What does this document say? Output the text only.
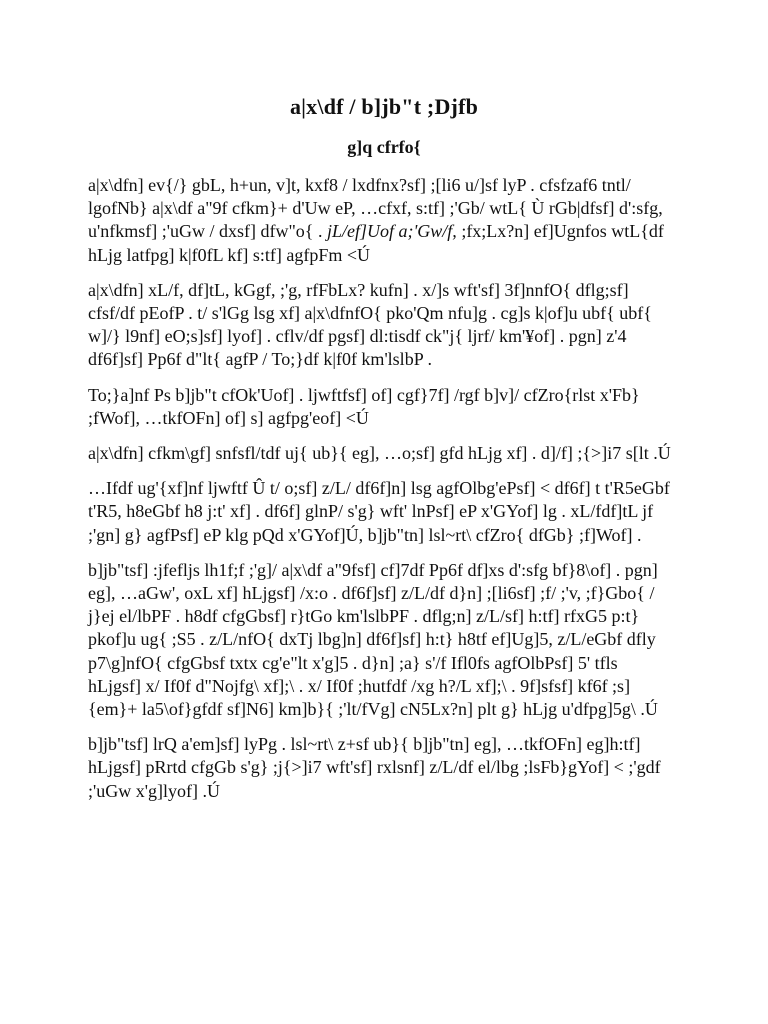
a|x\df / b]jb"t ;Djfb
g]q cfrfo{

a|x\dfn] ev{/} gbL, h+un, v]t, kxf8 / lxdfnx?sf] ;[li6 u/]sf lyP . cfsfzaf6 tntl/ lgofNb} a|x\df a"9f cfkm}+ d'Uw eP, …cfxf, s:tf] ;'Gb/ wtL{ Ù rGb|dfsf] d':sfg, u'nfkmsf] ;'uGw / dxsf] dfw"o{ . jL/ef]Uof a;'Gw/f, ;fx;Lx?n] ef]Ugnfos wtL{df hLjg latfpg] k|f0fL kf] s:tf] agfpFm <Ú

a|x\dfn] xL/f, df]tL, kGgf, ;'g, rfFbLx? kufn] . x/]s wft'sf] 3f]nnfO{ dflg;sf] cfsf/df pEofP . t/ s'lGg lsg xf] a|x\dfnfO{ pko'Qm nfu]g . cg]s k|of]u ubf{ ubf{ w]/} l9nf] eO;s]sf] lyof] . cflv/df pgsf] dl:tisdf ck"j{ ljrf/ km'¥of] . pgn] z'4 df6f]sf] Pp6f d"lt{ agfP / To;}df k|f0f km'lslbP .

To;}a]nf Ps b]jb"t cfOk'Uof] . ljwftfsf] of] cgf}7f] /rgf b]v]/ cfZro{rlst x'Fb} ;fWof], …tkfOFn] of] s] agfpg'eof] <Ú

a|x\dfn] cfkm\gf] snfsfl/tdf uj{ ub}{ eg], …o;sf] gfd hLjg xf] . d]/f] ;{>]i7 s[lt .Ú

…Ifdf ug'{xf]nf ljwftf Û t/ o;sf] z/L/ df6f]n] lsg agfOlbg'ePsf] < df6f] t t'R5eGbf t'R5, h8eGbf h8 j:t' xf] . df6f] glnP/ s'g} wft' lnPsf] eP x'GYof] lg . xL/fdf]tL jf ;'gn] g} agfPsf] eP klg pQd x'GYof]Ú, b]jb"tn] lsl~rt\ cfZro{ dfGb} ;f]Wof] .

b]jb"tsf] :jfefljs lh1f;f ;'g]/ a|x\df a"9fsf] cf]7df Pp6f df]xs d':sfg bf}8\of] . pgn] eg], …aGw', oxL xf] hLjgsf] /x:o . df6f]sf] z/L/df d}n] ;[li6sf] ;f/ ;'v, ;f}Gbo{ / j}ej el/lbPF . h8df cfgGbsf] r}tGo km'lslbPF . dflg;n] z/L/sf] h:tf] rfxG5 p:t} pkof]u ug{ ;S5 . z/L/nfO{ dxTj lbg]n] df6f]sf] h:t} h8tf ef]Ug]5, z/L/eGbf dfly p7\g]nfO{ cfgGbsf txtx cg'e"lt x'g]5 . d}n] ;a} s'/f Ifl0fs agfOlbPsf] 5' tfls hLjgsf] x/ If0f d"Nojfg\ xf];\ . x/ If0f ;hutfdf /xg h?/L xf];\ . 9f]sfsf] kf6f ;s]{em}+ la5\of}gfdf sf]N6] km]b}{ ;'lt/fVg] cN5Lx?n] plt g} hLjg u'dfpg]5g\ .Ú

b]jb"tsf] lrQ a'em]sf] lyPg . lsl~rt\ z+sf ub}{ b]jb"tn] eg], …tkfOFn] eg]h:tf] hLjgsf] pRrtd cfgGb s'g} ;j{>]i7 wft'sf] rxlsnf] z/L/df el/lbg ;lsFb}gYof] < ;'gdf ;'uGw x'g]lyof] .Ú
